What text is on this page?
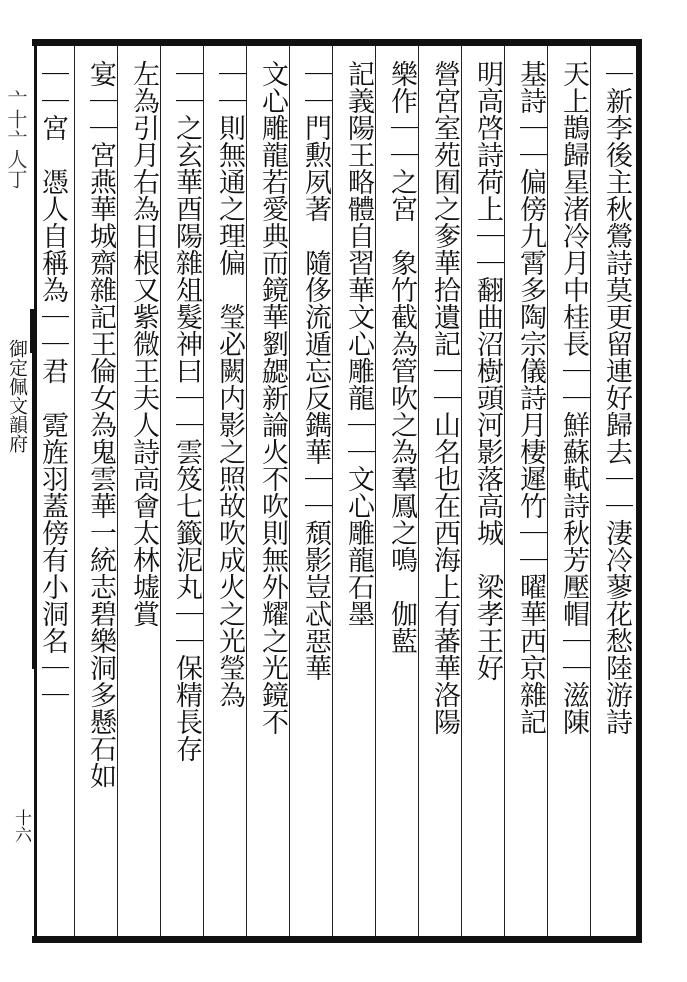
｜新李後主秋鶯詩莫更留連好歸去｜｜淒冷蓼花愁陸游詩
天上鵲歸星渚冷月中桂長｜｜鮮蘇軾詩秋芳壓帽｜｜滋陳
基詩｜｜偏傍九霄多陶宗儀詩月棲遲竹｜｜曜華西京雜記
明高啓詩荷上｜｜翻曲沼樹頭河影落高城　梁孝王好
營宮室苑囿之奓華拾遺記｜｜山名也在西海上有蕃華洛陽
樂作｜｜之宮　象竹截為管吹之為羣鳳之鳴　伽藍
記義陽王略體自習華文心雕龍｜｜文心雕龍石墨
｜｜門勲夙著　隨侈流遁忘反鐫華｜｜頹影豈忒惡華
文心雕龍若愛典而鏡華劉勰新論火不吹則無外耀之光鏡不
｜｜則無通之理偏　瑩必闕内影之照故吹成火之光瑩為
｜｜之玄華酉陽雜俎髮神曰｜｜雲笈七籤泥丸｜｜保精長存
左為引月右為日根又紫微王夫人詩高會太林墟賞
宴｜｜宮燕華城齋雜記王倫女為鬼雲華一統志碧樂洞多懸石如
｜｜宮　憑人自稱為｜｜君　霓旌羽蓋傍有小洞名｜｜
亠十亠人丁
御定佩文韻府
十六
